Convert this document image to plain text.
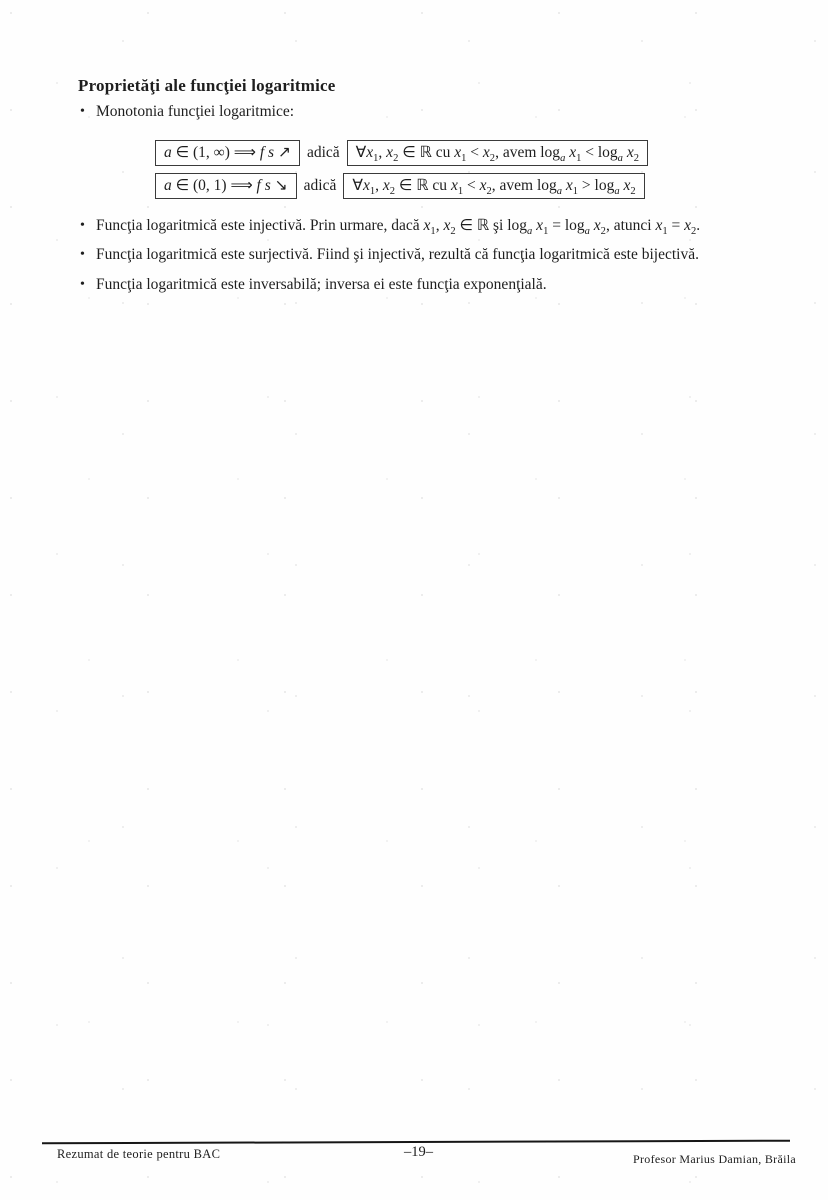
Proprietăţi ale funcţiei logaritmice
• Monotonia funcţiei logaritmice:
a ∈ (1, ∞) ⟹ f s ↗	adică	$\forall x_1$, $x_2$ ∈ ℝ cu $x_1 < x_2$, avem $\log_a x_1 < \log_a x_2$
a ∈ (0, 1) ⟹ f s ↘	adică	$\forall x_1$, $x_2$ ∈ ℝ cu $x_1 < x_2$, avem $\log_a x_1 > \log_a x_2$
• Funcţia logaritmică este injectivă. Prin urmare, dacă $x_1$, $x_2$ ∈ ℝ şi $\log_a x_1 = \log_a x_2$, atunci $x_1 = x_2$.
• Funcţia logaritmică este surjectivă. Fiind şi injectivă, rezultă că funcţia logaritmică este bijectivă.
• Funcţia logaritmică este inversabilă; inversa ei este funcţia exponenţială.
Rezumat de teorie pentru BAC	–19–	Profesor Marius Damian, Brăila
